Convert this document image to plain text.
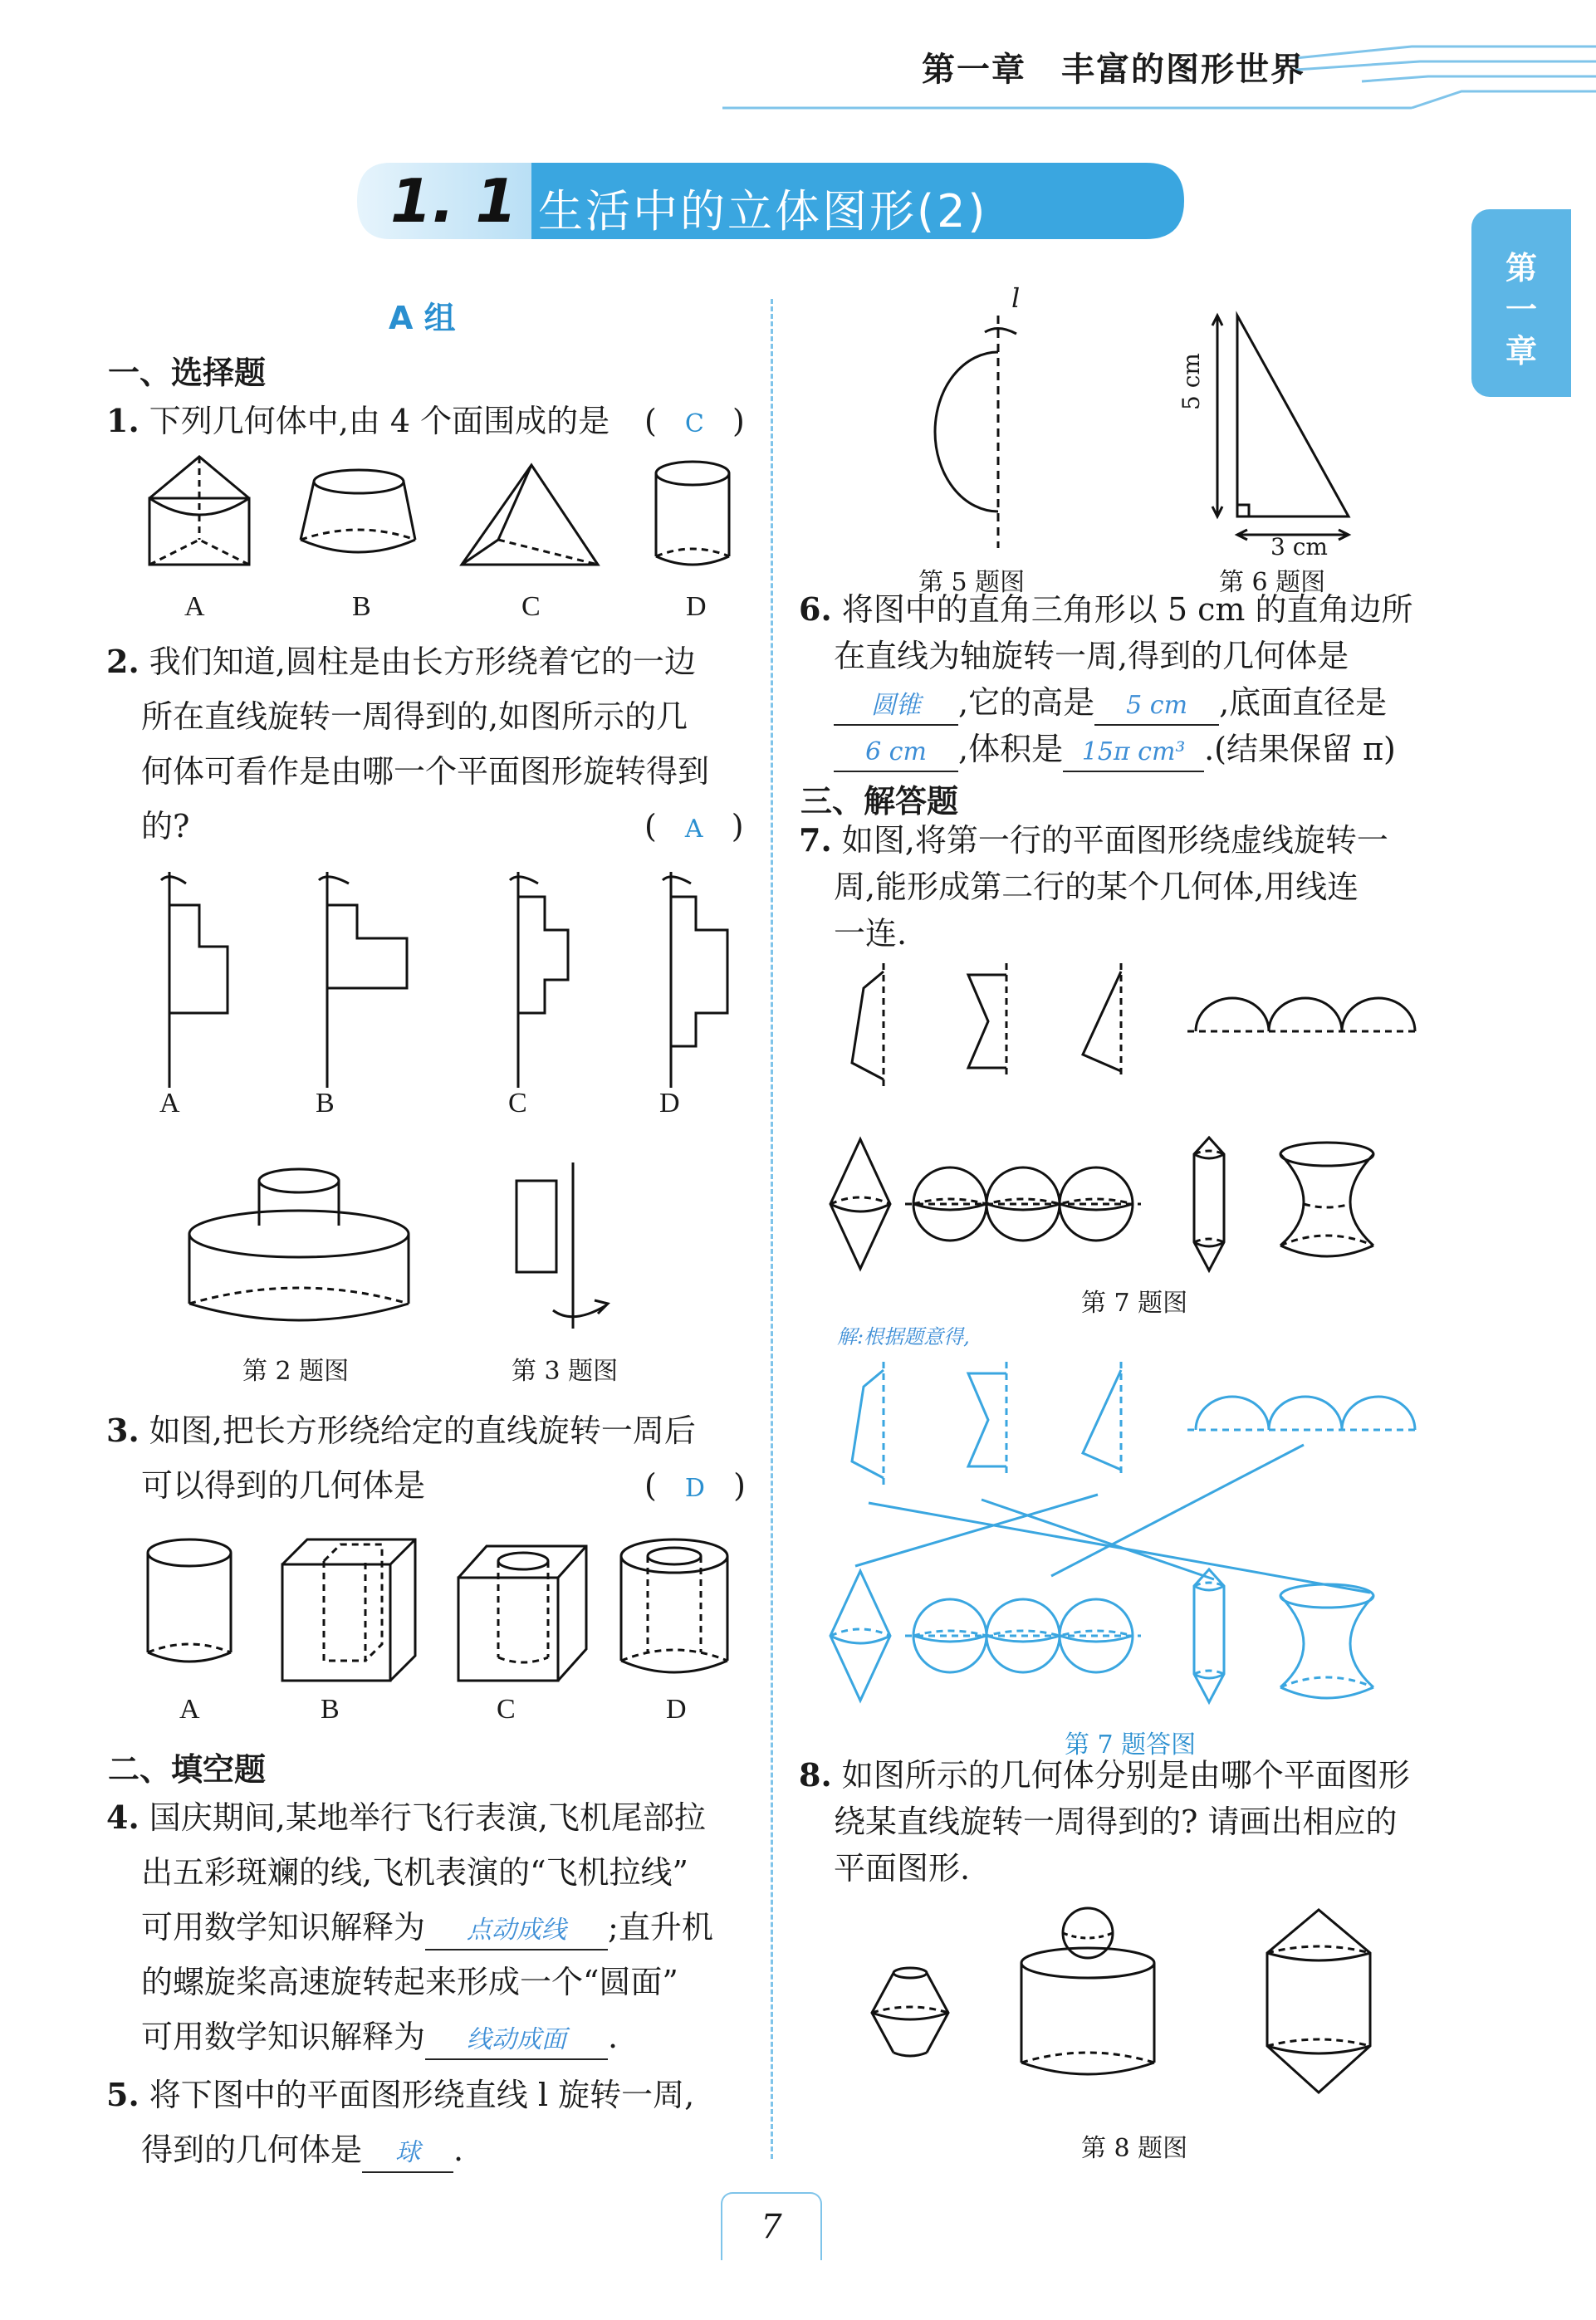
第一章　丰富的图形世界
1. 1 生活中的立体图形(2)
第
一
章
A 组
一、选择题
1. 下列几何体中,由 4 个面围成的是 ( C )
A	B	C	D
2. 我们知道,圆柱是由长方形绕着它的一边
所在直线旋转一周得到的,如图所示的几
何体可看作是由哪一个平面图形旋转得到
的?	( A )
A	B	C	D
第 2 题图	第 3 题图
3. 如图,把长方形绕给定的直线旋转一周后
可以得到的几何体是	( D )
A	B	C	D
二、填空题
4. 国庆期间,某地举行飞行表演,飞机尾部拉
出五彩斑斓的线,飞机表演的“飞机拉线”
可用数学知识解释为 点动成线 ;直升机
的螺旋桨高速旋转起来形成一个“圆面”
可用数学知识解释为 线动成面 .
5. 将下图中的平面图形绕直线 l 旋转一周,
得到的几何体是 球 .
l
5 cm
3 cm
第 5 题图	第 6 题图
6. 将图中的直角三角形以 5 cm 的直角边所
在直线为轴旋转一周,得到的几何体是
圆锥 ,它的高是 5 cm ,底面直径是
6 cm ,体积是 15π cm³ .(结果保留 π)
三、解答题
7. 如图,将第一行的平面图形绕虚线旋转一
周,能形成第二行的某个几何体,用线连
一连.
第 7 题图
解:根据题意得,
第 7 题答图
8. 如图所示的几何体分别是由哪个平面图形
绕某直线旋转一周得到的? 请画出相应的
平面图形.
第 8 题图
7
